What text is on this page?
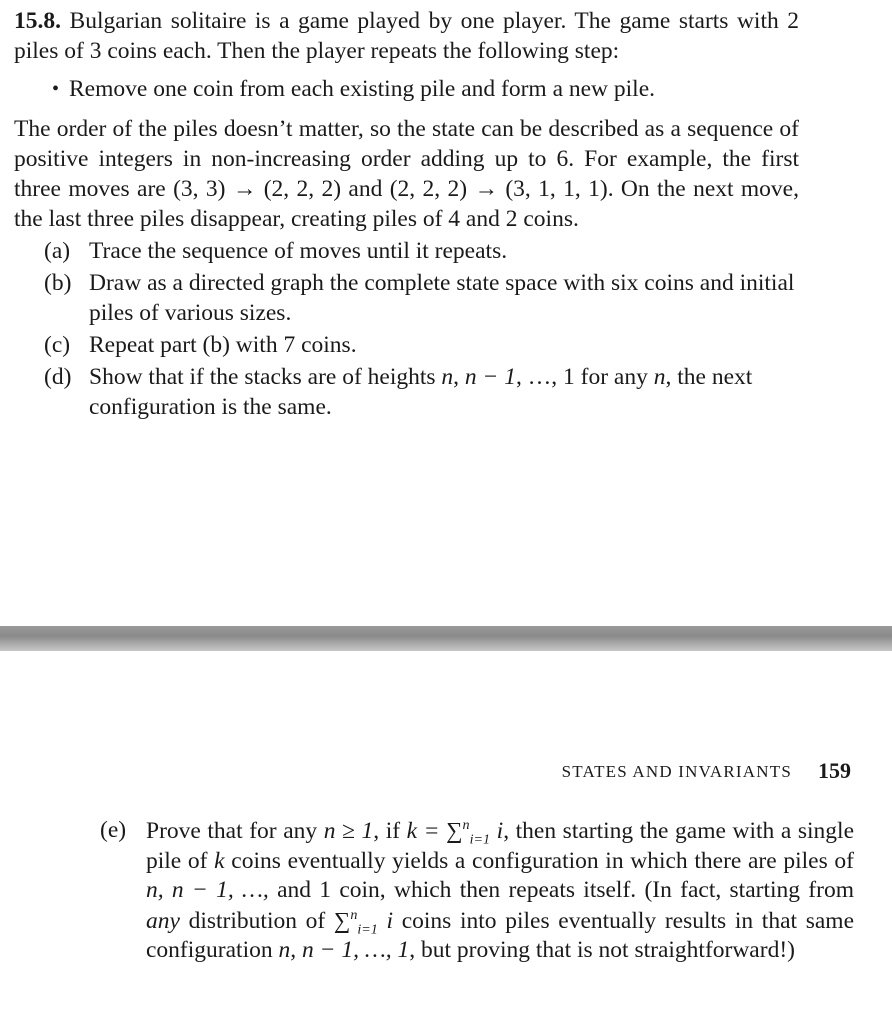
15.8. Bulgarian solitaire is a game played by one player. The game starts with 2 piles of 3 coins each. Then the player repeats the following step:

• Remove one coin from each existing pile and form a new pile.

The order of the piles doesn’t matter, so the state can be described as a sequence of positive integers in non-increasing order adding up to 6. For example, the first three moves are (3, 3) → (2, 2, 2) and (2, 2, 2) → (3, 1, 1, 1). On the next move, the last three piles disappear, creating piles of 4 and 2 coins.

(a) Trace the sequence of moves until it repeats.
(b) Draw as a directed graph the complete state space with six coins and initial piles of various sizes.
(c) Repeat part (b) with 7 coins.
(d) Show that if the stacks are of heights n, n − 1, …, 1 for any n, the next configuration is the same.
STATES AND INVARIANTS 159
(e) Prove that for any n ≥ 1, if k = ∑$^n_{i=1}$ i, then starting the game with a single pile of k coins eventually yields a configuration in which there are piles of n, n − 1, …, and 1 coin, which then repeats itself. (In fact, starting from any distribution of ∑$^n_{i=1}$ i coins into piles eventually results in that same configuration n, n − 1, …, 1, but proving that is not straightforward!)
